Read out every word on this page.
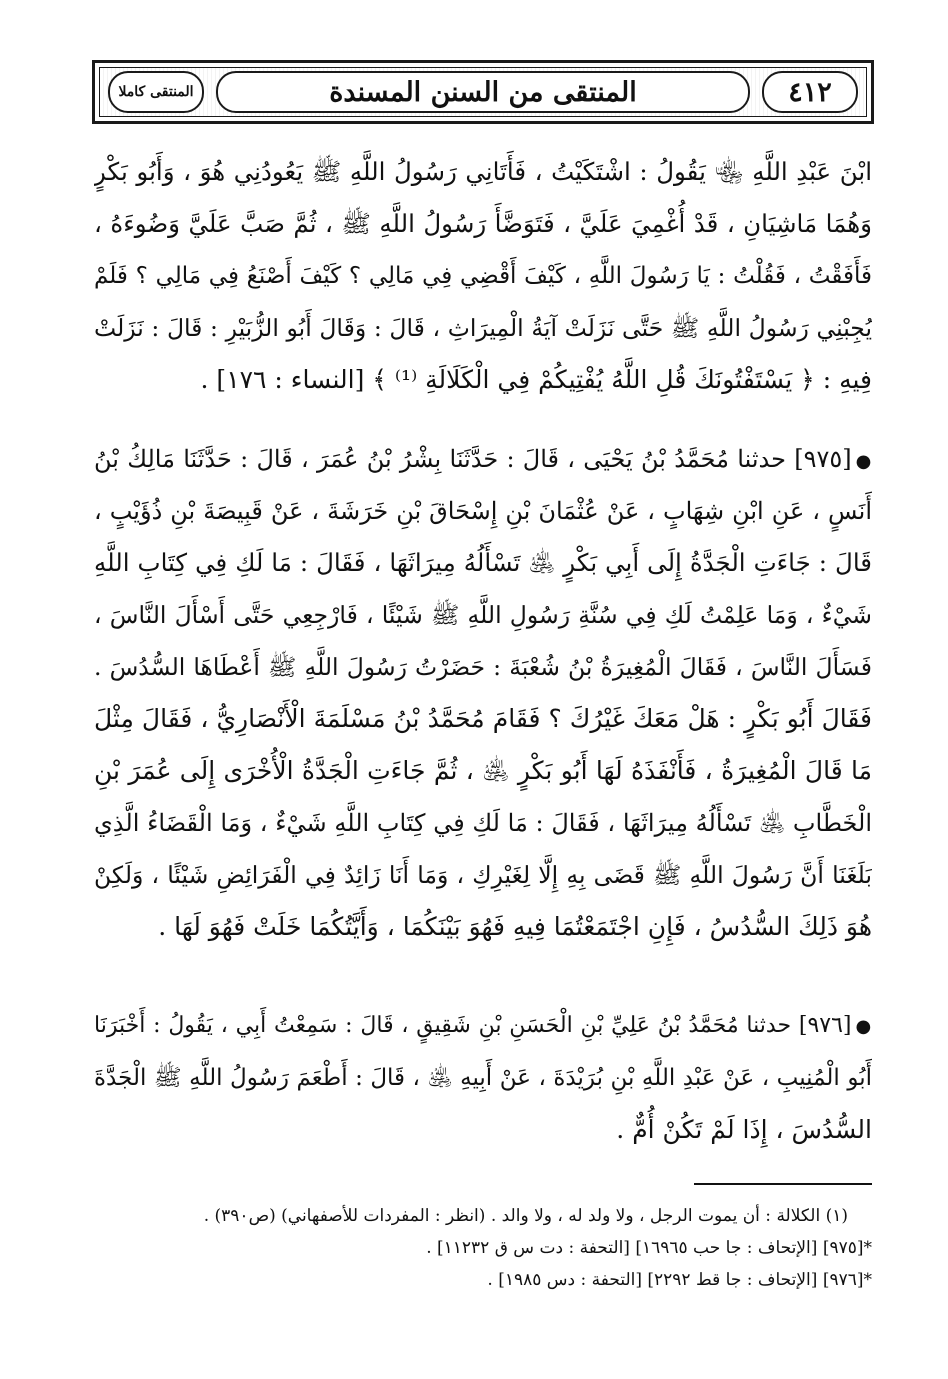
المنتقى كاملا	المنتقى من السنن المسندة	٤١٢
ابْنَ عَبْدِ اللَّهِ ﵄ يَقُولُ : اشْتَكَيْتُ ، فَأَتَانِي رَسُولُ اللَّهِ ﷺ يَعُودُنِي هُوَ ، وَأَبُو بَكْرٍ
وَهُمَا مَاشِيَانِ ، قَدْ أُغْمِيَ عَلَيَّ ، فَتَوَضَّأَ رَسُولُ اللَّهِ ﷺ ، ثُمَّ صَبَّ عَلَيَّ وَضُوءَهُ ،
فَأَفَقْتُ ، فَقُلْتُ : يَا رَسُولَ اللَّهِ ، كَيْفَ أَقْضِي فِي مَالِي ؟ كَيْفَ أَصْنَعُ فِي مَالِي ؟ فَلَمْ
يُجِبْنِي رَسُولُ اللَّهِ ﷺ حَتَّى نَزَلَتْ آيَةُ الْمِيرَاثِ ، قَالَ : وَقَالَ أَبُو الزُّبَيْرِ : قَالَ : نَزَلَتْ
فِيهِ : ﴿ يَسْتَفْتُونَكَ قُلِ اللَّهُ يُفْتِيكُمْ فِي الْكَلَالَةِ ⁽¹⁾ ﴾ [النساء : ١٧٦] .
●[٩٧٥] حدثنا مُحَمَّدُ بْنُ يَحْيَى ، قَالَ : حَدَّثَنَا بِشْرُ بْنُ عُمَرَ ، قَالَ : حَدَّثَنَا مَالِكُ بْنُ
أَنَسٍ ، عَنِ ابْنِ شِهَابٍ ، عَنْ عُثْمَانَ بْنِ إِسْحَاقَ بْنِ خَرَشَةَ ، عَنْ قَبِيصَةَ بْنِ ذُؤَيْبٍ ،
قَالَ : جَاءَتِ الْجَدَّةُ إِلَى أَبِي بَكْرٍ ﵁ تَسْأَلُهُ مِيرَاثَهَا ، فَقَالَ : مَا لَكِ فِي كِتَابِ اللَّهِ
شَيْءٌ ، وَمَا عَلِمْتُ لَكِ فِي سُنَّةِ رَسُولِ اللَّهِ ﷺ شَيْئًا ، فَارْجِعِي حَتَّى أَسْأَلَ النَّاسَ ،
فَسَأَلَ النَّاسَ ، فَقَالَ الْمُغِيرَةُ بْنُ شُعْبَةَ : حَضَرْتُ رَسُولَ اللَّهِ ﷺ أَعْطَاهَا السُّدُسَ .
فَقَالَ أَبُو بَكْرٍ : هَلْ مَعَكَ غَيْرُكَ ؟ فَقَامَ مُحَمَّدُ بْنُ مَسْلَمَةَ الْأَنْصَارِيُّ ، فَقَالَ مِثْلَ
مَا قَالَ الْمُغِيرَةُ ، فَأَنْفَذَهُ لَهَا أَبُو بَكْرٍ ﵁ ، ثُمَّ جَاءَتِ الْجَدَّةُ الْأُخْرَى إِلَى عُمَرَ بْنِ
الْخَطَّابِ ﵁ تَسْأَلُهُ مِيرَاثَهَا ، فَقَالَ : مَا لَكِ فِي كِتَابِ اللَّهِ شَيْءٌ ، وَمَا الْقَضَاءُ الَّذِي
بَلَغَنَا أَنَّ رَسُولَ اللَّهِ ﷺ قَضَى بِهِ إِلَّا لِغَيْرِكِ ، وَمَا أَنَا زَائِدٌ فِي الْفَرَائِضِ شَيْئًا ، وَلَكِنْ
هُوَ ذَلِكَ السُّدُسُ ، فَإِنِ اجْتَمَعْتُمَا فِيهِ فَهُوَ بَيْنَكُمَا ، وَأَيَّتُكُمَا خَلَتْ فَهُوَ لَهَا .
●[٩٧٦] حدثنا مُحَمَّدُ بْنُ عَلِيِّ بْنِ الْحَسَنِ بْنِ شَقِيقٍ ، قَالَ : سَمِعْتُ أَبِي ، يَقُولُ : أَخْبَرَنَا
أَبُو الْمُنِيبِ ، عَنْ عَبْدِ اللَّهِ بْنِ بُرَيْدَةَ ، عَنْ أَبِيهِ ﵁ ، قَالَ : أَطْعَمَ رَسُولُ اللَّهِ ﷺ الْجَدَّةَ
السُّدُسَ ، إِذَا لَمْ تَكُنْ أُمٌّ .
(١) الكلالة : أن يموت الرجل ، ولا ولد له ، ولا والد . (انظر : المفردات للأصفهاني) (ص٣٩٠) .
*[٩٧٥] [الإتحاف : جا حب ١٦٩٦٥] [التحفة : دت س ق ١١٢٣٢] .
*[٩٧٦] [الإتحاف : جا قط ٢٢٩٢] [التحفة : دس ١٩٨٥] .
